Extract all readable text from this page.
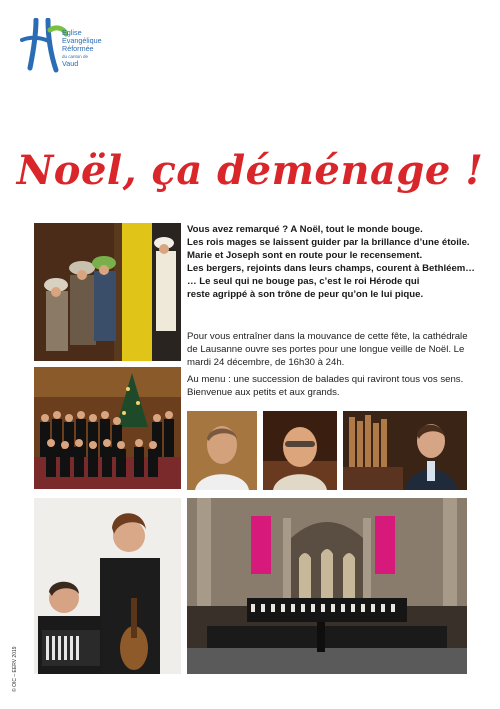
Eglise
Evangélique
Réformée
du canton de
Vaud
Noël, ça déménage !

Vous avez remarqué ? A Noël, tout le monde bouge.

Les rois mages se laissent guider par la brillance d’une étoile.

Marie et Joseph sont en route pour le recensement.

Les bergers, rejoints dans leurs champs, courent à Bethléem…

… Le seul qui ne bouge pas, c’est le roi Hérode qui

reste agrippé à son trône de peur qu’on le lui pique.

Pour vous entraîner dans la mouvance de cette fête, la cathédrale de Lausanne ouvre ses portes pour une longue veille de Noël. Le mardi 24 décembre, de 16h30 à 24h.

Au menu : une succession de balades qui raviront tous vos sens. Bienvenue aux petits et aux grands.

© OIC – EERV 2019
